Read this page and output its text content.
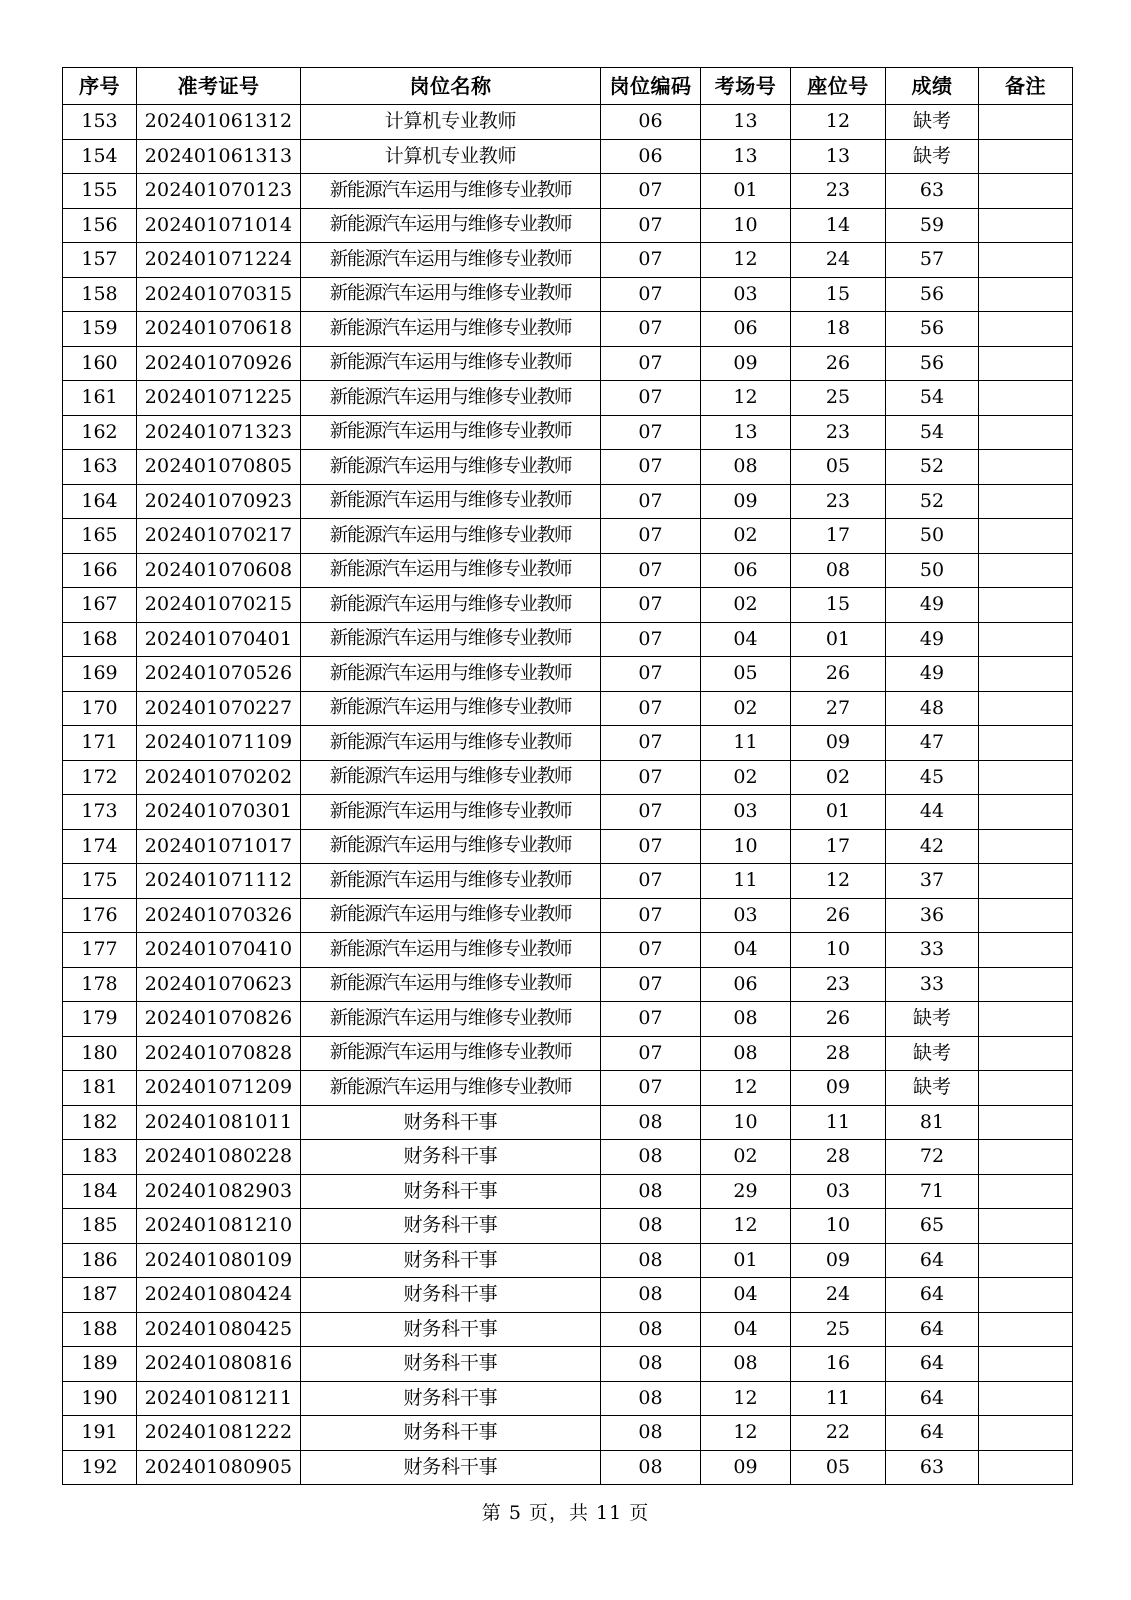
序号	准考证号	岗位名称	岗位编码	考场号	座位号	成绩	备注
153	202401061312	计算机专业教师	06	13	12	缺考	
154	202401061313	计算机专业教师	06	13	13	缺考	
155	202401070123	新能源汽车运用与维修专业教师	07	01	23	63	
156	202401071014	新能源汽车运用与维修专业教师	07	10	14	59	
157	202401071224	新能源汽车运用与维修专业教师	07	12	24	57	
158	202401070315	新能源汽车运用与维修专业教师	07	03	15	56	
159	202401070618	新能源汽车运用与维修专业教师	07	06	18	56	
160	202401070926	新能源汽车运用与维修专业教师	07	09	26	56	
161	202401071225	新能源汽车运用与维修专业教师	07	12	25	54	
162	202401071323	新能源汽车运用与维修专业教师	07	13	23	54	
163	202401070805	新能源汽车运用与维修专业教师	07	08	05	52	
164	202401070923	新能源汽车运用与维修专业教师	07	09	23	52	
165	202401070217	新能源汽车运用与维修专业教师	07	02	17	50	
166	202401070608	新能源汽车运用与维修专业教师	07	06	08	50	
167	202401070215	新能源汽车运用与维修专业教师	07	02	15	49	
168	202401070401	新能源汽车运用与维修专业教师	07	04	01	49	
169	202401070526	新能源汽车运用与维修专业教师	07	05	26	49	
170	202401070227	新能源汽车运用与维修专业教师	07	02	27	48	
171	202401071109	新能源汽车运用与维修专业教师	07	11	09	47	
172	202401070202	新能源汽车运用与维修专业教师	07	02	02	45	
173	202401070301	新能源汽车运用与维修专业教师	07	03	01	44	
174	202401071017	新能源汽车运用与维修专业教师	07	10	17	42	
175	202401071112	新能源汽车运用与维修专业教师	07	11	12	37	
176	202401070326	新能源汽车运用与维修专业教师	07	03	26	36	
177	202401070410	新能源汽车运用与维修专业教师	07	04	10	33	
178	202401070623	新能源汽车运用与维修专业教师	07	06	23	33	
179	202401070826	新能源汽车运用与维修专业教师	07	08	26	缺考	
180	202401070828	新能源汽车运用与维修专业教师	07	08	28	缺考	
181	202401071209	新能源汽车运用与维修专业教师	07	12	09	缺考	
182	202401081011	财务科干事	08	10	11	81	
183	202401080228	财务科干事	08	02	28	72	
184	202401082903	财务科干事	08	29	03	71	
185	202401081210	财务科干事	08	12	10	65	
186	202401080109	财务科干事	08	01	09	64	
187	202401080424	财务科干事	08	04	24	64	
188	202401080425	财务科干事	08	04	25	64	
189	202401080816	财务科干事	08	08	16	64	
190	202401081211	财务科干事	08	12	11	64	
191	202401081222	财务科干事	08	12	22	64	
192	202401080905	财务科干事	08	09	05	63	
第 5 页，共 11 页
